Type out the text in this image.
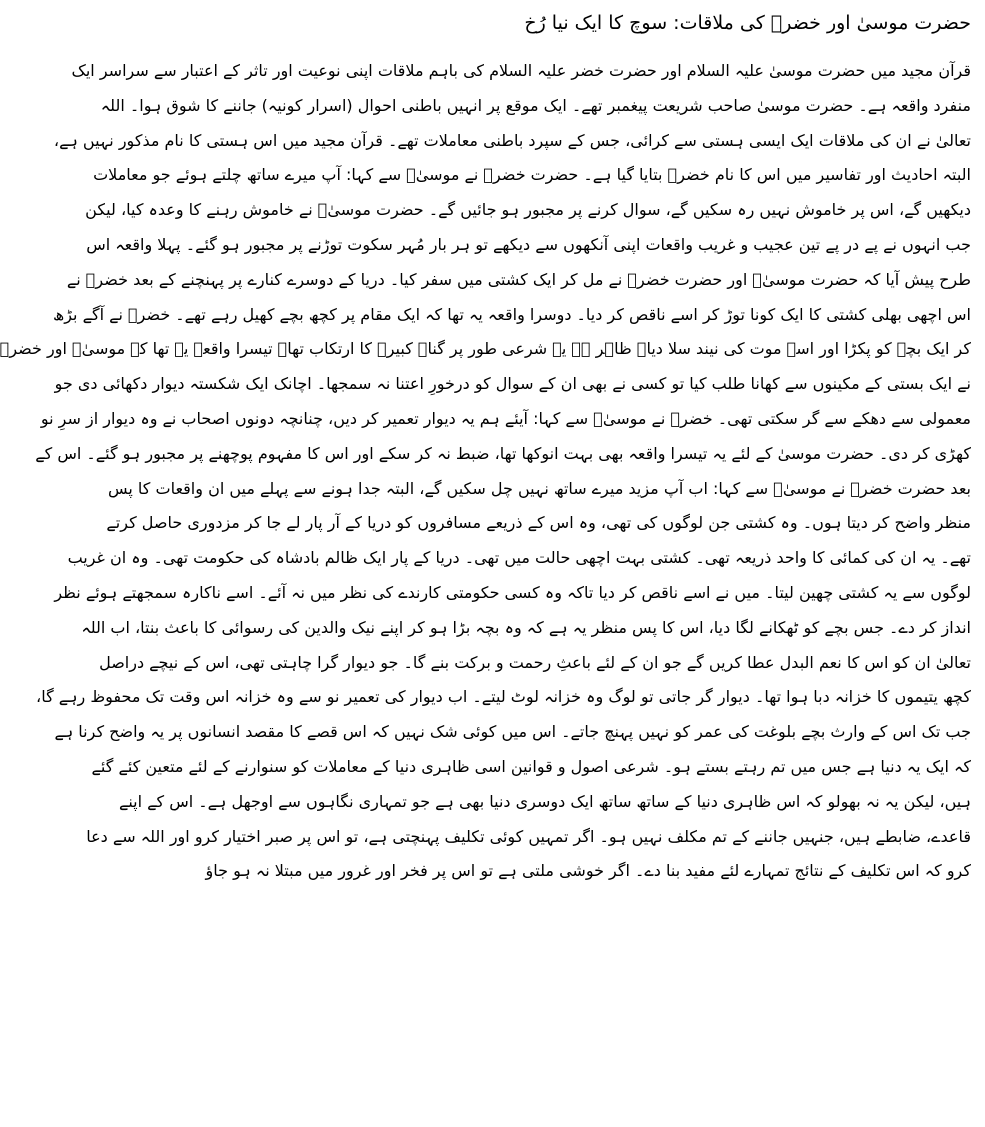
حضرت موسیٰ اور خضرؑ کی ملاقات: سوچ کا ایک نیا رُخ
قرآن مجید میں حضرت موسیٰ علیہ السلام اور حضرت خضر علیہ السلام کی باہم ملاقات اپنی نوعیت اور تاثر کے اعتبار سے سراسر ایک
منفرد واقعہ ہے۔ حضرت موسیٰ صاحب شریعت پیغمبر تھے۔ ایک موقع پر انہیں باطنی احوال (اسرار کونیہ) جاننے کا شوق ہوا۔ اللہ
تعالیٰ نے ان کی ملاقات ایک ایسی ہستی سے کرائی، جس کے سپرد باطنی معاملات تھے۔ قرآن مجید میں اس ہستی کا نام مذکور نہیں ہے،
البتہ احادیث اور تفاسیر میں اس کا نام خضرؑ بتایا گیا ہے۔ حضرت خضرؑ نے موسیٰؑ سے کہا: آپ میرے ساتھ چلتے ہوئے جو معاملات
دیکھیں گے، اس پر خاموش نہیں رہ سکیں گے، سوال کرنے پر مجبور ہو جائیں گے۔ حضرت موسیٰؑ نے خاموش رہنے کا وعدہ کیا، لیکن
جب انہوں نے پے در پے تین عجیب و غریب واقعات اپنی آنکھوں سے دیکھے تو ہر بار مُہر سکوت توڑنے پر مجبور ہو گئے۔ پہلا واقعہ اس
طرح پیش آیا کہ حضرت موسیٰؑ اور حضرت خضرؑ نے مل کر ایک کشتی میں سفر کیا۔ دریا کے دوسرے کنارے پر پہنچنے کے بعد خضرؑ نے
اس اچھی بھلی کشتی کا ایک کونا توڑ کر اسے ناقص کر دیا۔ دوسرا واقعہ یہ تھا کہ ایک مقام پر کچھ بچے کھیل رہے تھے۔ خضرؑ نے آگے بڑھ
کر ایک بچے کو پکڑا اور اسے موت کی نیند سلا دیا۔ ظاہر ہے یہ شرعی طور پر گناہ کبیرہ کا ارتکاب تھا۔ تیسرا واقعہ یہ تھا کہ موسیٰؑ اور خضرؑ
نے ایک بستی کے مکینوں سے کھانا طلب کیا تو کسی نے بھی ان کے سوال کو درخورِ اعتنا نہ سمجھا۔ اچانک ایک شکستہ دیوار دکھائی دی جو
معمولی سے دھکے سے گر سکتی تھی۔ خضرؑ نے موسیٰؑ سے کہا: آیئے ہم یہ دیوار تعمیر کر دیں، چنانچہ دونوں اصحاب نے وہ دیوار از سرِ نو
کھڑی کر دی۔ حضرت موسیٰ کے لئے یہ تیسرا واقعہ بھی بہت انوکھا تھا، ضبط نہ کر سکے اور اس کا مفہوم پوچھنے پر مجبور ہو گئے۔ اس کے
بعد حضرت خضرؑ نے موسیٰؑ سے کہا: اب آپ مزید میرے ساتھ نہیں چل سکیں گے، البتہ جدا ہونے سے پہلے میں ان واقعات کا پس
منظر واضح کر دیتا ہوں۔ وہ کشتی جن لوگوں کی تھی، وہ اس کے ذریعے مسافروں کو دریا کے آر پار لے جا کر مزدوری حاصل کرتے
تھے۔ یہ ان کی کمائی کا واحد ذریعہ تھی۔ کشتی بہت اچھی حالت میں تھی۔ دریا کے پار ایک ظالم بادشاہ کی حکومت تھی۔ وہ ان غریب
لوگوں سے یہ کشتی چھین لیتا۔ میں نے اسے ناقص کر دیا تاکہ وہ کسی حکومتی کارندے کی نظر میں نہ آئے۔ اسے ناکارہ سمجھتے ہوئے نظر
انداز کر دے۔ جس بچے کو ٹھکانے لگا دیا، اس کا پس منظر یہ ہے کہ وہ بچہ بڑا ہو کر اپنے نیک والدین کی رسوائی کا باعث بنتا، اب اللہ
تعالیٰ ان کو اس کا نعم البدل عطا کریں گے جو ان کے لئے باعثِ رحمت و برکت بنے گا۔ جو دیوار گرا چاہتی تھی، اس کے نیچے دراصل
کچھ یتیموں کا خزانہ دبا ہوا تھا۔ دیوار گر جاتی تو لوگ وہ خزانہ لوٹ لیتے۔ اب دیوار کی تعمیر نو سے وہ خزانہ اس وقت تک محفوظ رہے گا،
جب تک اس کے وارث بچے بلوغت کی عمر کو نہیں پہنچ جاتے۔ اس میں کوئی شک نہیں کہ اس قصے کا مقصد انسانوں پر یہ واضح کرنا ہے
کہ ایک یہ دنیا ہے جس میں تم رہتے بستے ہو۔ شرعی اصول و قوانین اسی ظاہری دنیا کے معاملات کو سنوارنے کے لئے متعین کئے گئے
ہیں، لیکن یہ نہ بھولو کہ اس ظاہری دنیا کے ساتھ ساتھ ایک دوسری دنیا بھی ہے جو تمہاری نگاہوں سے اوجھل ہے۔ اس کے اپنے
قاعدے، ضابطے ہیں، جنہیں جاننے کے تم مکلف نہیں ہو۔ اگر تمہیں کوئی تکلیف پہنچتی ہے، تو اس پر صبر اختیار کرو اور اللہ سے دعا
کرو کہ اس تکلیف کے نتائج تمہارے لئے مفید بنا دے۔ اگر خوشی ملتی ہے تو اس پر فخر اور غرور میں مبتلا نہ ہو جاؤ
